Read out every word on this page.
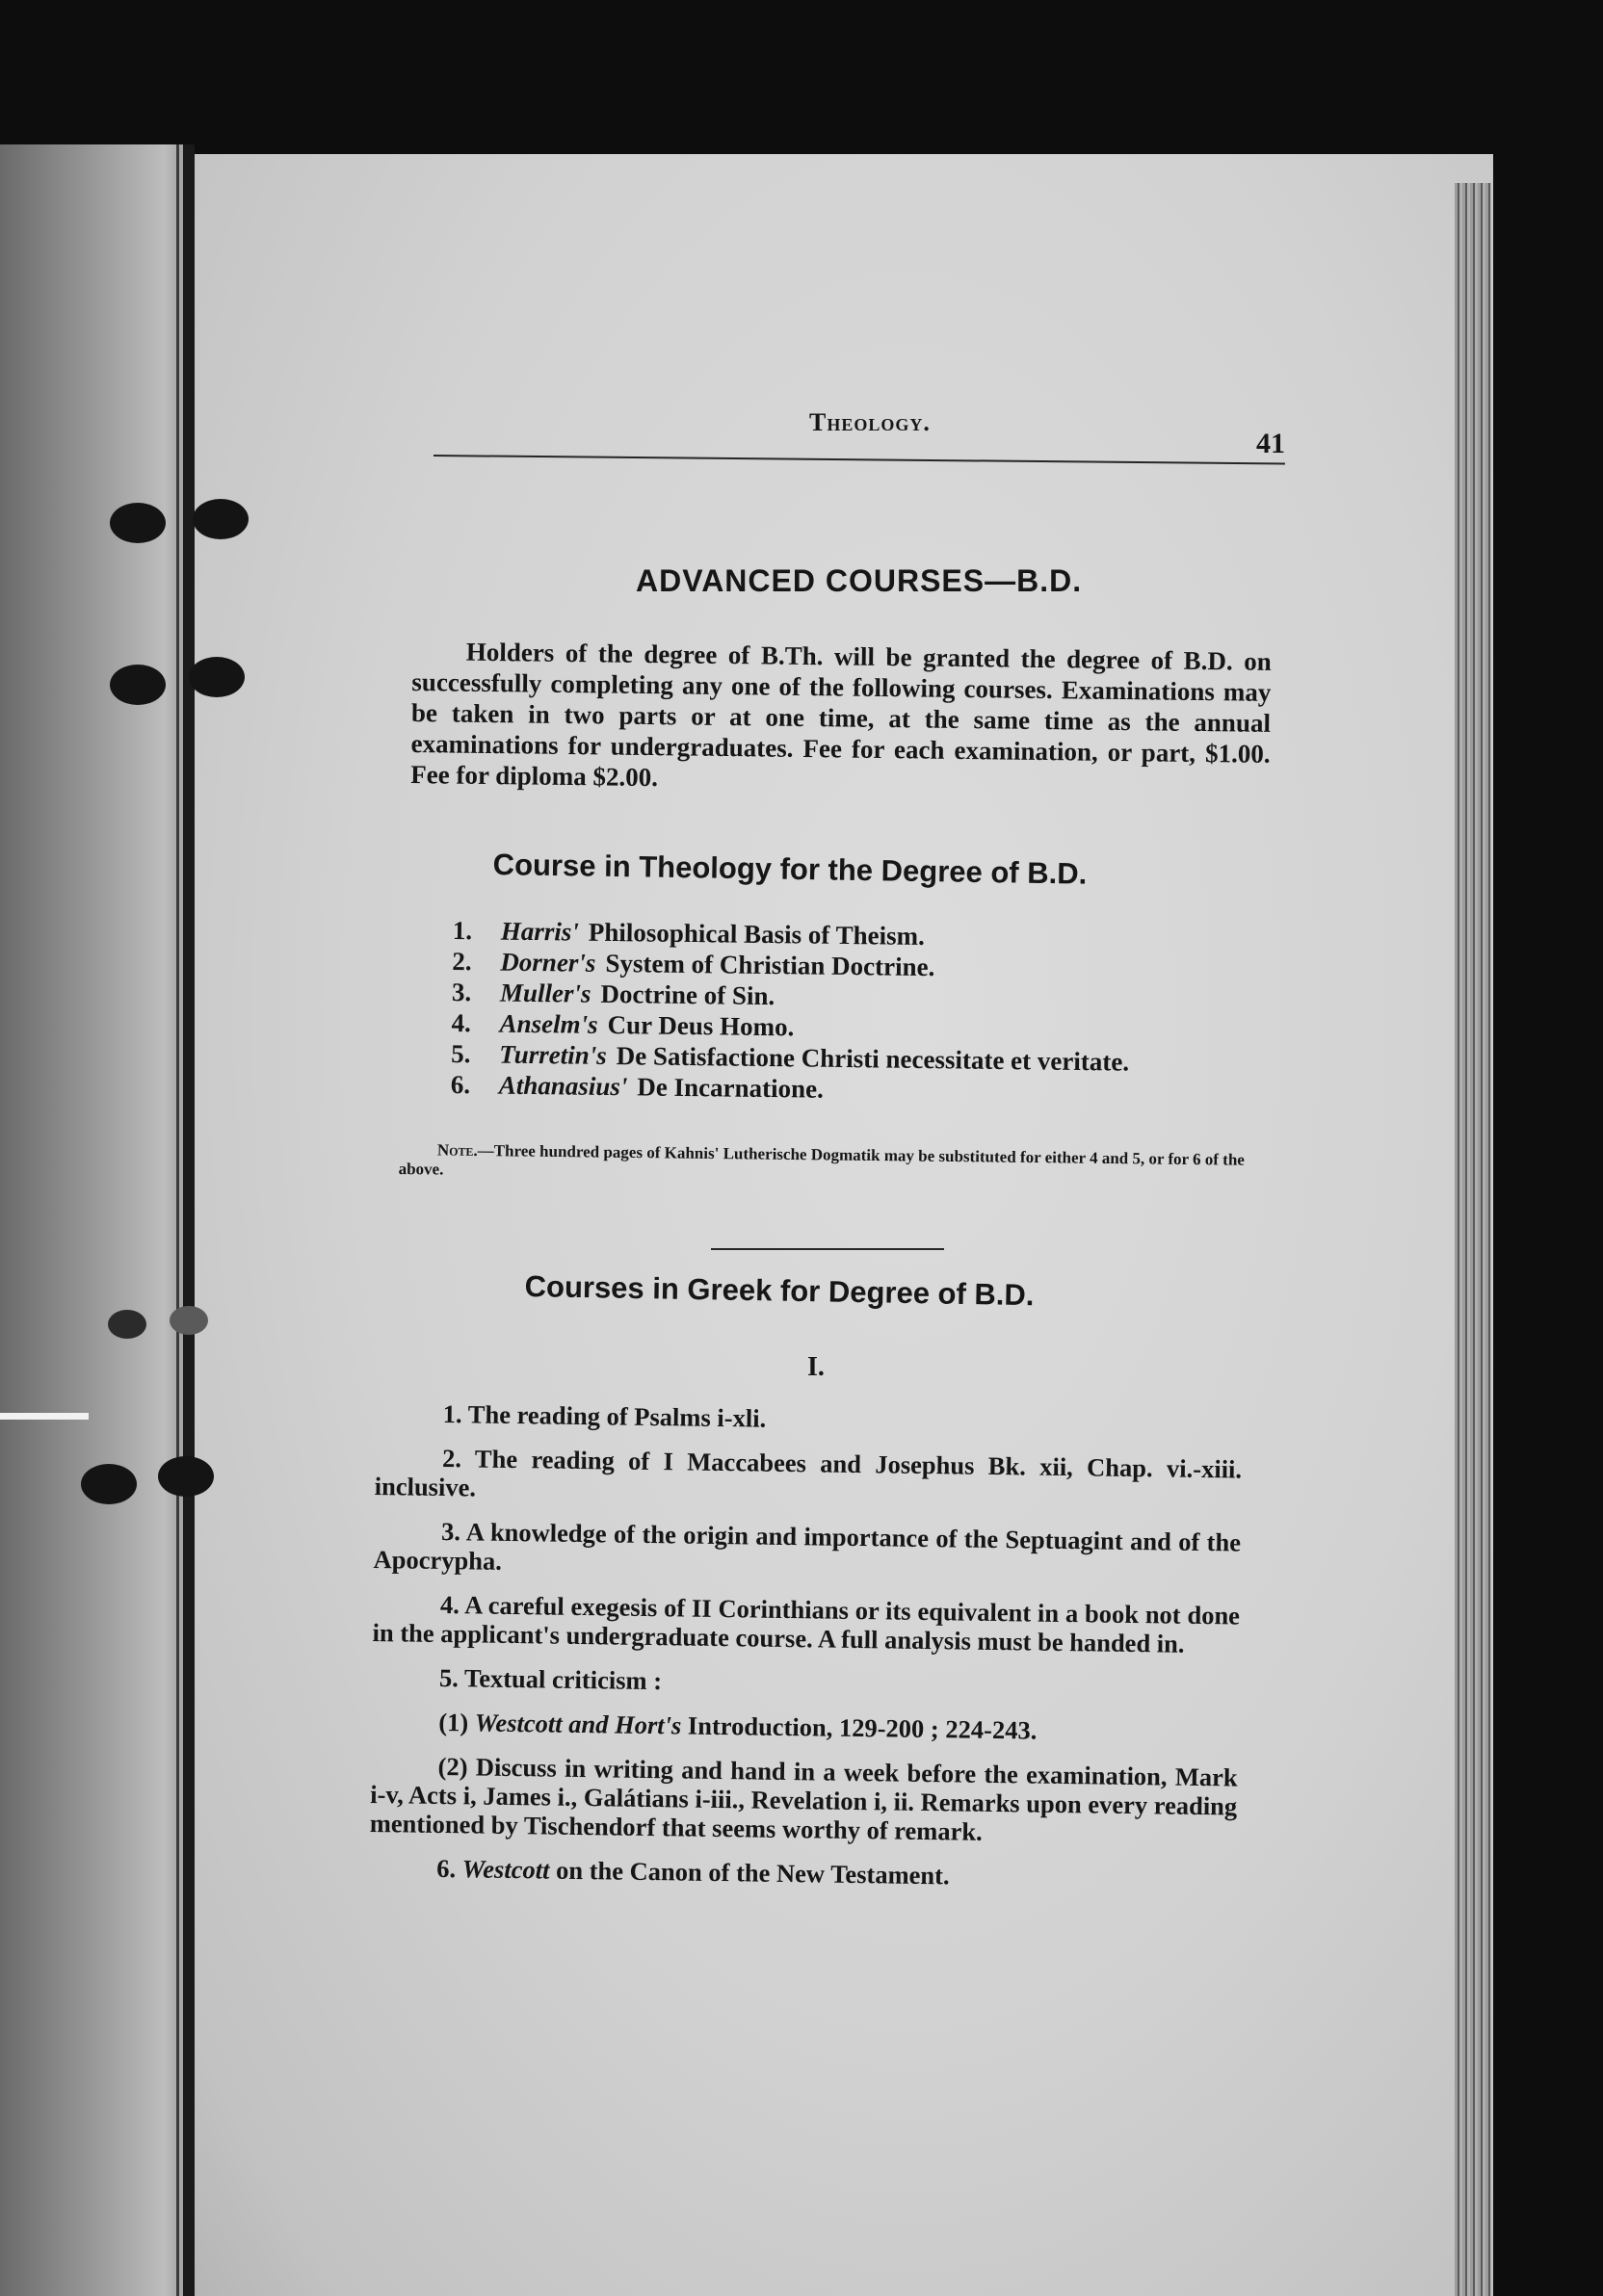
Theology.
41
ADVANCED COURSES—B.D.
Holders of the degree of B.Th. will be granted the degree of B.D. on successfully completing any one of the following courses. Examinations may be taken in two parts or at one time, at the same time as the annual examinations for undergraduates. Fee for each examination, or part, $1.00. Fee for diploma $2.00.
Course in Theology for the Degree of B.D.
1.	Harris' Philosophical Basis of Theism.
2.	Dorner's System of Christian Doctrine.
3.	Muller's Doctrine of Sin.
4.	Anselm's Cur Deus Homo.
5.	Turretin's De Satisfactione Christi necessitate et veritate.
6.	Athanasius' De Incarnatione.
Note.—Three hundred pages of Kahnis' Lutherische Dogmatik may be substituted for either 4 and 5, or for 6 of the above.
Courses in Greek for Degree of B.D.
I.
1. The reading of Psalms i-xli.
2. The reading of I Maccabees and Josephus Bk. xii, Chap. vi.-xiii. inclusive.
3. A knowledge of the origin and importance of the Septuagint and of the Apocrypha.
4. A careful exegesis of II Corinthians or its equivalent in a book not done in the applicant's undergraduate course. A full analysis must be handed in.
5. Textual criticism :
(1) Westcott and Hort's Introduction, 129-200 ; 224-243.
(2) Discuss in writing and hand in a week before the examination, Mark i-v, Acts i, James i., Galátians i-iii., Revelation i, ii. Remarks upon every reading mentioned by Tischendorf that seems worthy of remark.
6. Westcott on the Canon of the New Testament.
